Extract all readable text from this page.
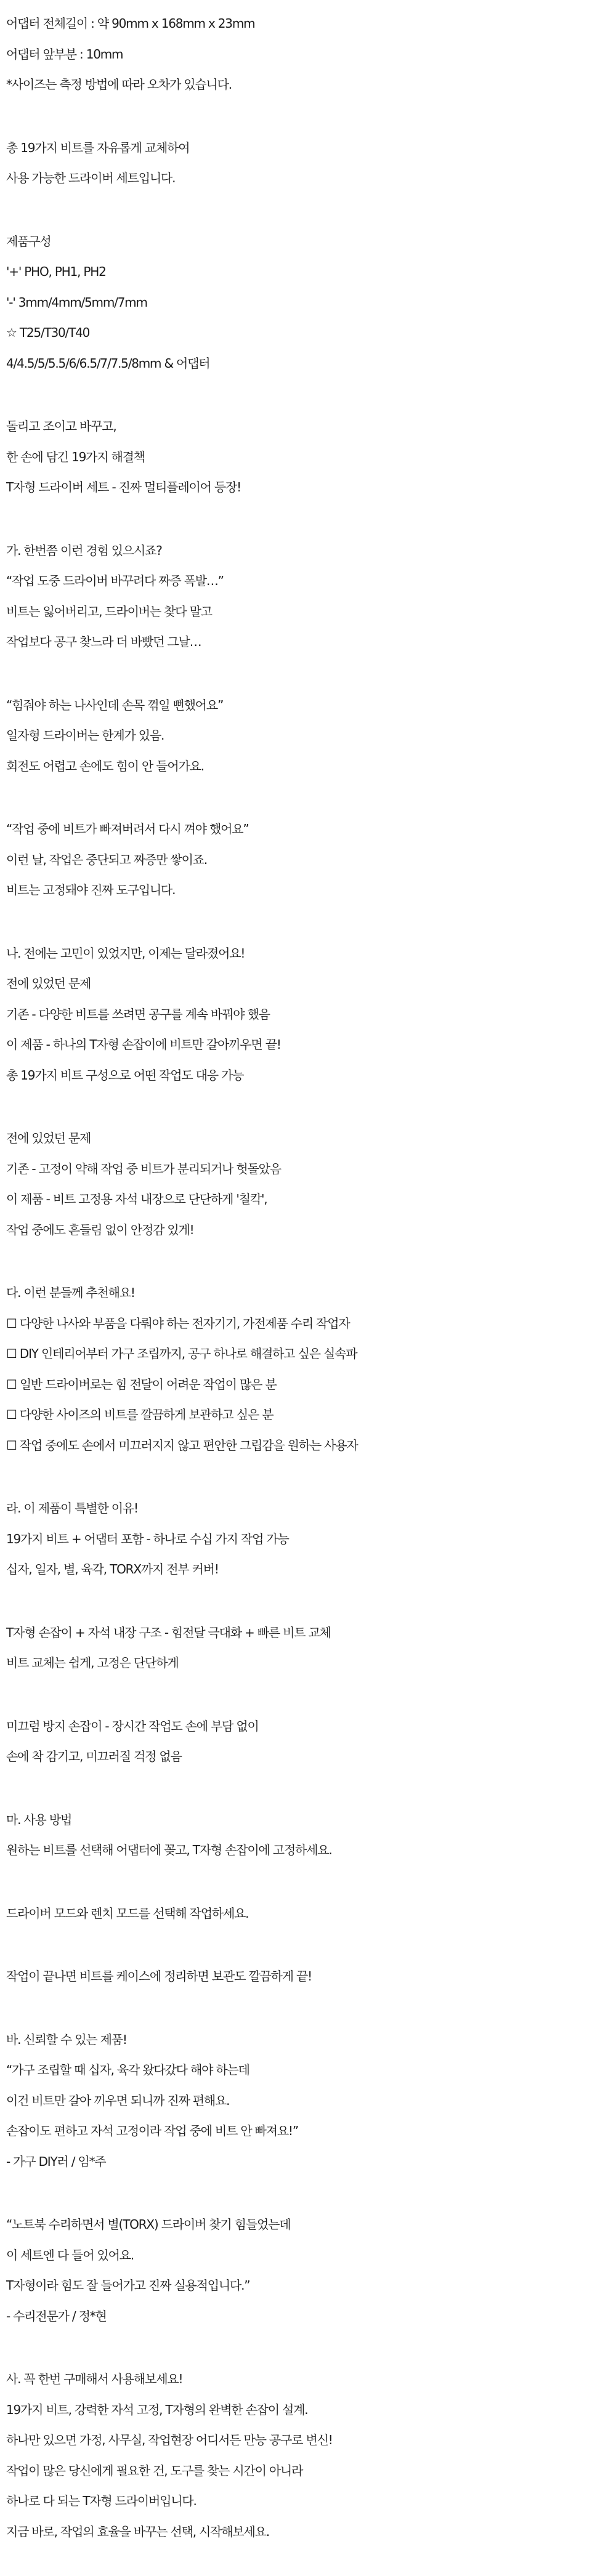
어댑터 전체길이 : 약 90mm x 168mm x 23mm
어댑터 앞부분 : 10mm
*사이즈는 측정 방법에 따라 오차가 있습니다.
총 19가지 비트를 자유롭게 교체하여
사용 가능한 드라이버 세트입니다.
제품구성
'+' PHO, PH1, PH2
'-' 3mm/4mm/5mm/7mm
☆ T25/T30/T40
4/4.5/5/5.5/6/6.5/7/7.5/8mm & 어댑터
돌리고 조이고 바꾸고,
한 손에 담긴 19가지 해결책
T자형 드라이버 세트 - 진짜 멀티플레이어 등장!
가. 한번쯤 이런 경험 있으시죠?
“작업 도중 드라이버 바꾸려다 짜증 폭발…”
비트는 잃어버리고, 드라이버는 찾다 말고
작업보다 공구 찾느라 더 바빴던 그날…
“힘줘야 하는 나사인데 손목 꺾일 뻔했어요”
일자형 드라이버는 한계가 있음.
회전도 어렵고 손에도 힘이 안 들어가요.
“작업 중에 비트가 빠져버려서 다시 껴야 했어요”
이런 날, 작업은 중단되고 짜증만 쌓이죠.
비트는 고정돼야 진짜 도구입니다.
나. 전에는 고민이 있었지만, 이제는 달라졌어요!
전에 있었던 문제
기존 - 다양한 비트를 쓰려면 공구를 계속 바꿔야 했음
이 제품 - 하나의 T자형 손잡이에 비트만 갈아끼우면 끝!
총 19가지 비트 구성으로 어떤 작업도 대응 가능
전에 있었던 문제
기존 - 고정이 약해 작업 중 비트가 분리되거나 헛돌았음
이 제품 - 비트 고정용 자석 내장으로 단단하게 '칠칵',
작업 중에도 흔들림 없이 안정감 있게!
다. 이런 분들께 추천해요!
☐ 다양한 나사와 부품을 다뤄야 하는 전자기기, 가전제품 수리 작업자
☐ DIY 인테리어부터 가구 조립까지, 공구 하나로 해결하고 싶은 실속파
☐ 일반 드라이버로는 힘 전달이 어려운 작업이 많은 분
☐ 다양한 사이즈의 비트를 깔끔하게 보관하고 싶은 분
☐ 작업 중에도 손에서 미끄러지지 않고 편안한 그립감을 원하는 사용자
라. 이 제품이 특별한 이유!
19가지 비트 + 어댑터 포함 - 하나로 수십 가지 작업 가능
십자, 일자, 별, 육각, TORX까지 전부 커버!
T자형 손잡이 + 자석 내장 구조 - 힘전달 극대화 + 빠른 비트 교체
비트 교체는 쉽게, 고정은 단단하게
미끄럼 방지 손잡이 - 장시간 작업도 손에 부담 없이
손에 착 감기고, 미끄러질 걱정 없음
마. 사용 방법
원하는 비트를 선택해 어댑터에 꽂고, T자형 손잡이에 고정하세요.
드라이버 모드와 렌치 모드를 선택해 작업하세요.
작업이 끝나면 비트를 케이스에 정리하면 보관도 깔끔하게 끝!
바. 신뢰할 수 있는 제품!
“가구 조립할 때 십자, 육각 왔다갔다 해야 하는데
이건 비트만 갈아 끼우면 되니까 진짜 편해요.
손잡이도 편하고 자석 고정이라 작업 중에 비트 안 빠져요!”
- 가구 DIY러 / 임*주
“노트북 수리하면서 별(TORX) 드라이버 찾기 힘들었는데
이 세트엔 다 들어 있어요.
T자형이라 힘도 잘 들어가고 진짜 실용적입니다.”
- 수리전문가 / 정*현
사. 꼭 한번 구매해서 사용해보세요!
19가지 비트, 강력한 자석 고정, T자형의 완벽한 손잡이 설계.
하나만 있으면 가정, 사무실, 작업현장 어디서든 만능 공구로 변신!
작업이 많은 당신에게 필요한 건, 도구를 찾는 시간이 아니라
하나로 다 되는 T자형 드라이버입니다.
지금 바로, 작업의 효율을 바꾸는 선택, 시작해보세요.
